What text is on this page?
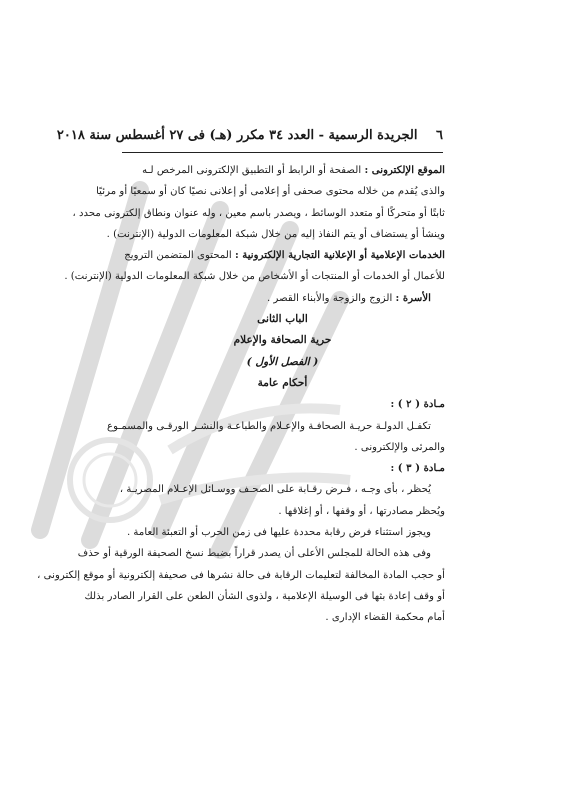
٦ الجريدة الرسمية - العدد ٣٤ مكرر (هـ) فى ٢٧ أغسطس سنة ٢٠١٨
الموقع الإلكترونى : الصفحة أو الرابط أو التطبيق الإلكترونى المرخص لـه
والذى يُقدم من خلاله محتوى صحفى أو إعلامى أو إعلانى نصيًا كان أو سمعيًا أو مرئيًا
ثابتًا أو متحركًا أو متعدد الوسائط ، ويصدر باسم معين ، وله عنوان ونطاق إلكترونى محدد ،
وينشأ أو يستضاف أو يتم النفاذ إليه من خلال شبكة المعلومات الدولية (الإنترنت) .
الخدمات الإعلامية أو الإعلانية التجارية الإلكترونية : المحتوى المتضمن الترويج
للأعمال أو الخدمات أو المنتجات أو الأشخاص من خلال شبكة المعلومات الدولية (الإنترنت) .
الأسرة : الزوج والزوجة والأبناء القصر .
الباب الثانى
حرية الصحافة والإعلام
( الفصل الأول )
أحكام عامة
مـادة ( ٢ ) :
تكفـل الدولـة حريـة الصحافـة والإعـلام والطباعـة والنشـر الورقـى والمسمـوع
والمرئى والإلكترونى .
مـادة ( ٣ ) :
يُحظر ، بأى وجـه ، فـرض رقـابة على الصحـف ووسـائل الإعـلام المصريـة ،
ويُحظر مصادرتها ، أو وقفها ، أو إغلاقها .
ويجوز استثناء فرض رقابة محددة عليها فى زمن الحرب أو التعبئة العامة .
وفى هذه الحالة للمجلس الأعلى أن يصدر قراراً بضبط نسخ الصحيفة الورقية أو حذف
أو حجب المادة المخالفة لتعليمات الرقابة فى حالة نشرها فى صحيفة إلكترونية أو موقع إلكترونى ،
أو وقف إعادة بثها فى الوسيلة الإعلامية ، ولذوى الشأن الطعن على القرار الصادر بذلك
أمام محكمة القضاء الإدارى .
